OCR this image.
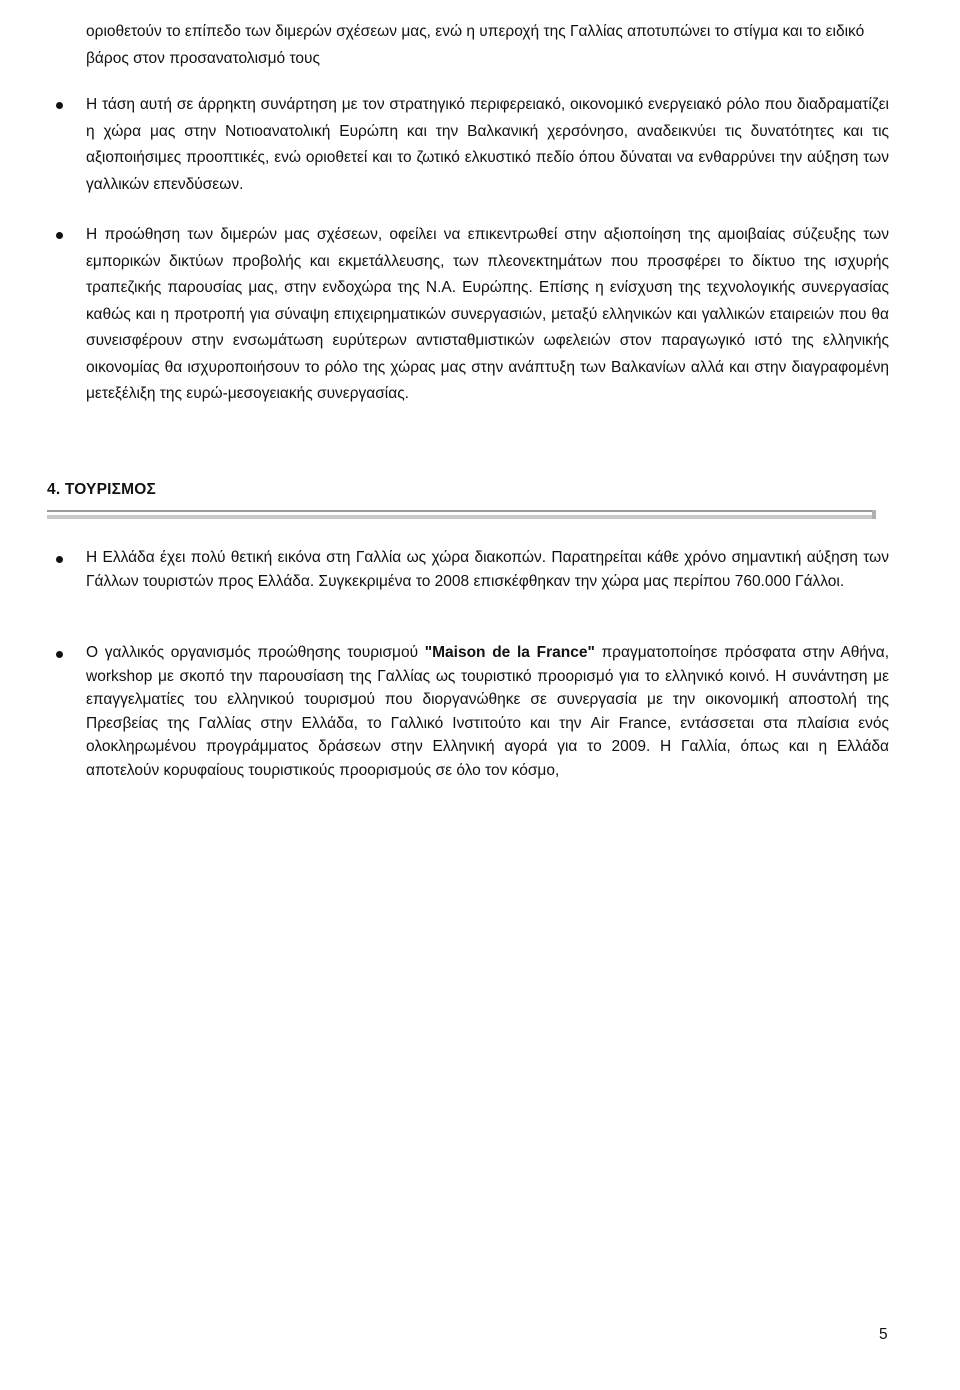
οριοθετούν το επίπεδο των διμερών σχέσεων μας, ενώ η υπεροχή της Γαλλίας αποτυπώνει το στίγμα και το ειδικό βάρος στον προσανατολισμό τους
Η τάση αυτή σε άρρηκτη συνάρτηση με τον στρατηγικό περιφερειακό, οικονομικό ενεργειακό ρόλο που διαδραματίζει η χώρα μας στην Νοτιοανατολική Ευρώπη και την Βαλκανική χερσόνησο, αναδεικνύει τις δυνατότητες και τις αξιοποιήσιμες προοπτικές, ενώ οριοθετεί και το ζωτικό ελκυστικό πεδίο όπου δύναται να ενθαρρύνει την αύξηση των γαλλικών επενδύσεων.
Η προώθηση των διμερών μας σχέσεων, οφείλει να επικεντρωθεί στην αξιοποίηση της αμοιβαίας σύζευξης των εμπορικών δικτύων προβολής και εκμετάλλευσης, των πλεονεκτημάτων που προσφέρει το δίκτυο της ισχυρής τραπεζικής παρουσίας μας, στην ενδοχώρα της Ν.Α. Ευρώπης. Επίσης η ενίσχυση της τεχνολογικής συνεργασίας καθώς και η προτροπή για σύναψη επιχειρηματικών συνεργασιών, μεταξύ ελληνικών και γαλλικών εταιρειών που θα συνεισφέρουν στην ενσωμάτωση ευρύτερων αντισταθμιστικών ωφελειών στον παραγωγικό ιστό της ελληνικής οικονομίας θα ισχυροποιήσουν το ρόλο της χώρας μας στην ανάπτυξη των Βαλκανίων αλλά και στην διαγραφομένη μετεξέλιξη της ευρώ-μεσογειακής συνεργασίας.
4. ΤΟΥΡΙΣΜΟΣ
Η Ελλάδα έχει πολύ θετική εικόνα στη Γαλλία ως χώρα διακοπών. Παρατηρείται κάθε χρόνο σημαντική αύξηση των Γάλλων τουριστών προς Ελλάδα. Συγκεκριμένα το 2008 επισκέφθηκαν την χώρα μας περίπου 760.000 Γάλλοι.
Ο γαλλικός οργανισμός προώθησης τουρισμού "Maison de la France" πραγματοποίησε πρόσφατα στην Αθήνα, workshop με σκοπό την παρουσίαση της Γαλλίας ως τουριστικό προορισμό για το ελληνικό κοινό. Η συνάντηση με επαγγελματίες του ελληνικού τουρισμού που διοργανώθηκε σε συνεργασία με την οικονομική αποστολή της Πρεσβείας της Γαλλίας στην Ελλάδα, το Γαλλικό Ινστιτούτο και την Air France, εντάσσεται στα πλαίσια ενός ολοκληρωμένου προγράμματος δράσεων στην Ελληνική αγορά για το 2009. Η Γαλλία, όπως και η Ελλάδα αποτελούν κορυφαίους τουριστικούς προορισμούς σε όλο τον κόσμο,
5
